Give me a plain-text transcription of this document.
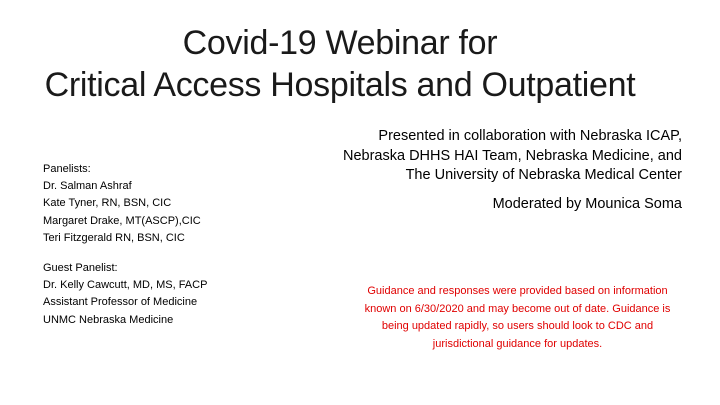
Covid-19 Webinar for
Critical Access Hospitals and Outpatient
Presented in collaboration with Nebraska ICAP,
Nebraska DHHS HAI Team, Nebraska Medicine, and
The University of Nebraska Medical Center
Moderated by Mounica Soma
Panelists:
Dr. Salman Ashraf
Kate Tyner, RN, BSN, CIC
Margaret Drake, MT(ASCP),CIC
Teri Fitzgerald RN, BSN, CIC
Guest Panelist:
Dr. Kelly Cawcutt, MD, MS, FACP
Assistant Professor of Medicine
UNMC Nebraska Medicine
Guidance and responses were provided based on information
known on 6/30/2020 and may become out of date. Guidance is
being updated rapidly, so users should look to CDC and
jurisdictional guidance for updates.
